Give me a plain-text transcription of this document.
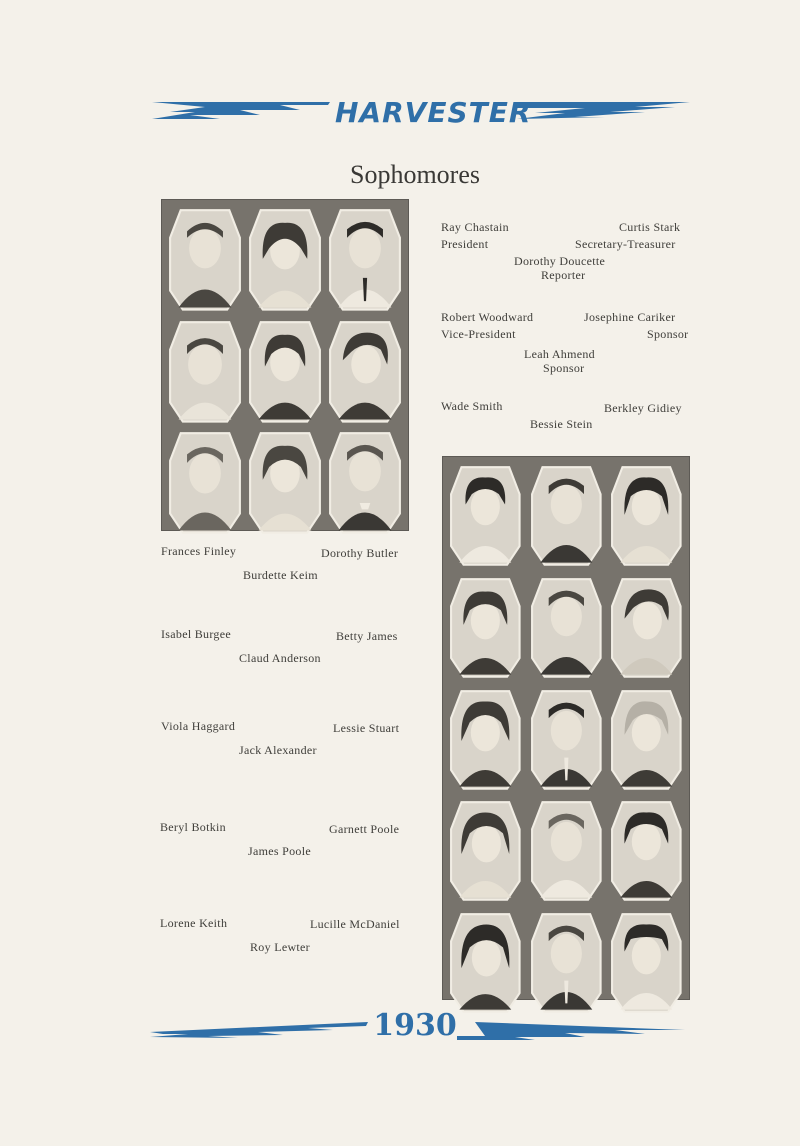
HARVESTER
Sophomores
Ray Chastain
President
Curtis Stark
Secretary-Treasurer
Dorothy Doucette
Reporter
Robert Woodward
Vice-President
Josephine Cariker
Sponsor
Leah Ahmend
Sponsor
Wade Smith	Berkley Gidiey
Bessie Stein
Frances Finley	Dorothy Butler
Burdette Keim
Isabel Burgee	Betty James
Claud Anderson
Viola Haggard	Lessie Stuart
Jack Alexander
Beryl Botkin	Garnett Poole
James Poole
Lorene Keith	Lucille McDaniel
Roy Lewter
1930
